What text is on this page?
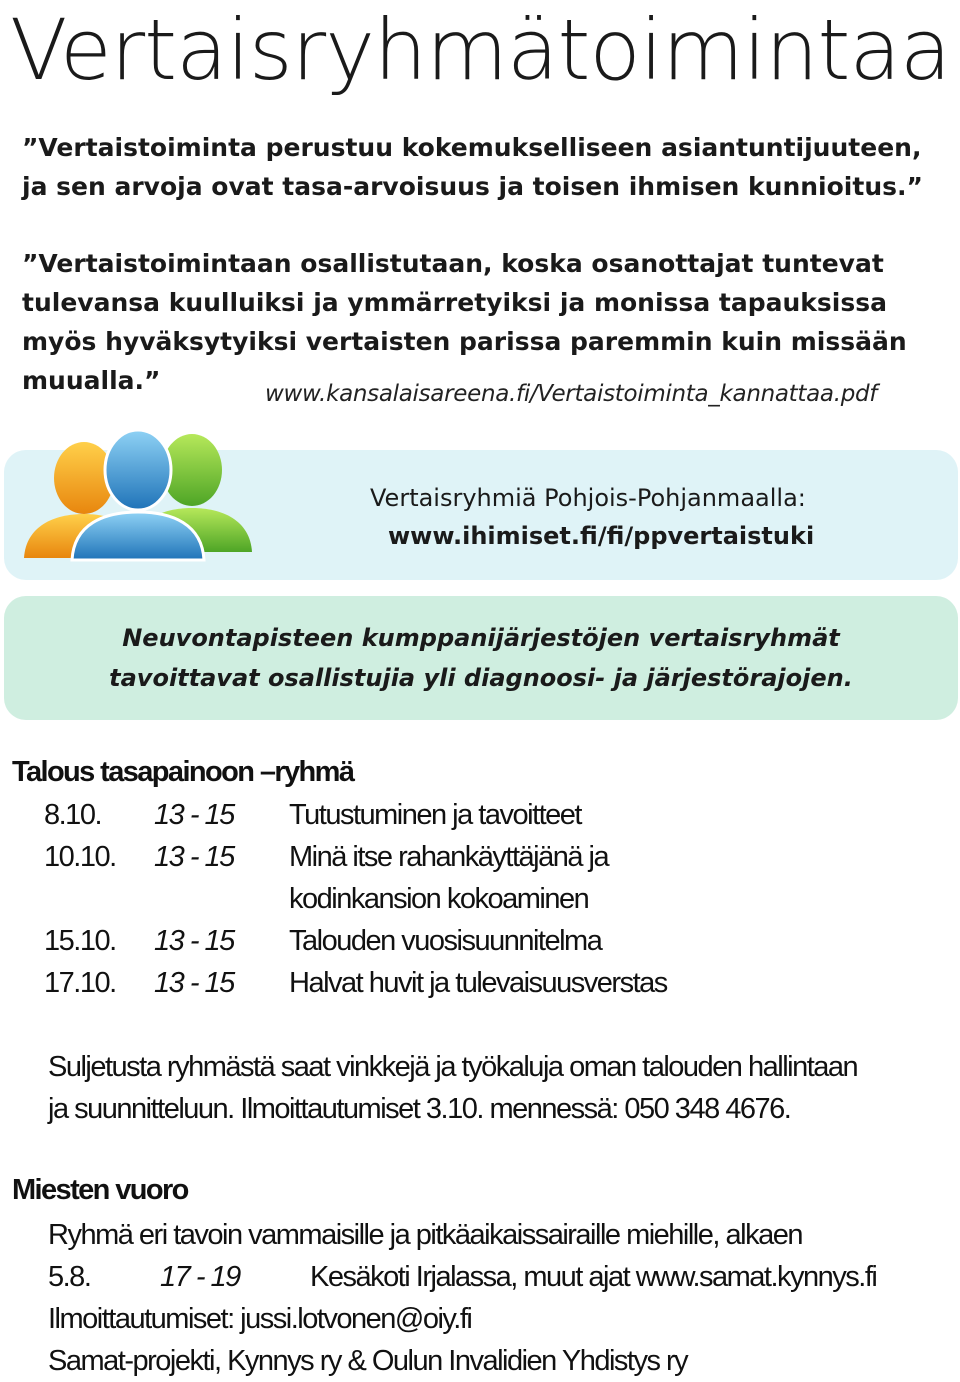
Vertaisryhmätoimintaa

”Vertaistoiminta perustuu kokemukselliseen asiantuntijuuteen, ja sen arvoja ovat tasa-arvoisuus ja toisen ihmisen kunnioitus.”

”Vertaistoimintaan osallistutaan, koska osanottajat tuntevat tulevansa kuulluiksi ja ymmärretyiksi ja monissa tapauksissa myös hyväksytyiksi vertaisten parissa paremmin kuin missään muualla.”	www.kansalaisareena.fi/Vertaistoiminta_kannattaa.pdf

Vertaisryhmiä Pohjois-Pohjanmaalla:

www.ihimiset.fi/fi/ppvertaistuki

Neuvontapisteen kumppanijärjestöjen vertaisryhmät
tavoittavat osallistujia yli diagnoosi- ja järjestörajojen.

Talous tasapainoon –ryhmä
8.10. 13 - 15 Tutustuminen ja tavoitteet
10.10. 13 - 15 Minä itse rahankäyttäjänä ja
kodinkansion kokoaminen
15.10. 13 - 15 Talouden vuosisuunnitelma
17.10. 13 - 15 Halvat huvit ja tulevaisuusverstas

Suljetusta ryhmästä saat vinkkejä ja työkaluja oman talouden hallintaan

ja suunnitteluun. Ilmoittautumiset 3.10. mennessä: 050 348 4676.

Miesten vuoro

Ryhmä eri tavoin vammaisille ja pitkäaikaissairaille miehille, alkaen

5.8. 17 - 19 Kesäkoti Irjalassa, muut ajat www.samat.kynnys.fi

Ilmoittautumiset: jussi.lotvonen@oiy.fi

Samat-projekti, Kynnys ry & Oulun Invalidien Yhdistys ry
